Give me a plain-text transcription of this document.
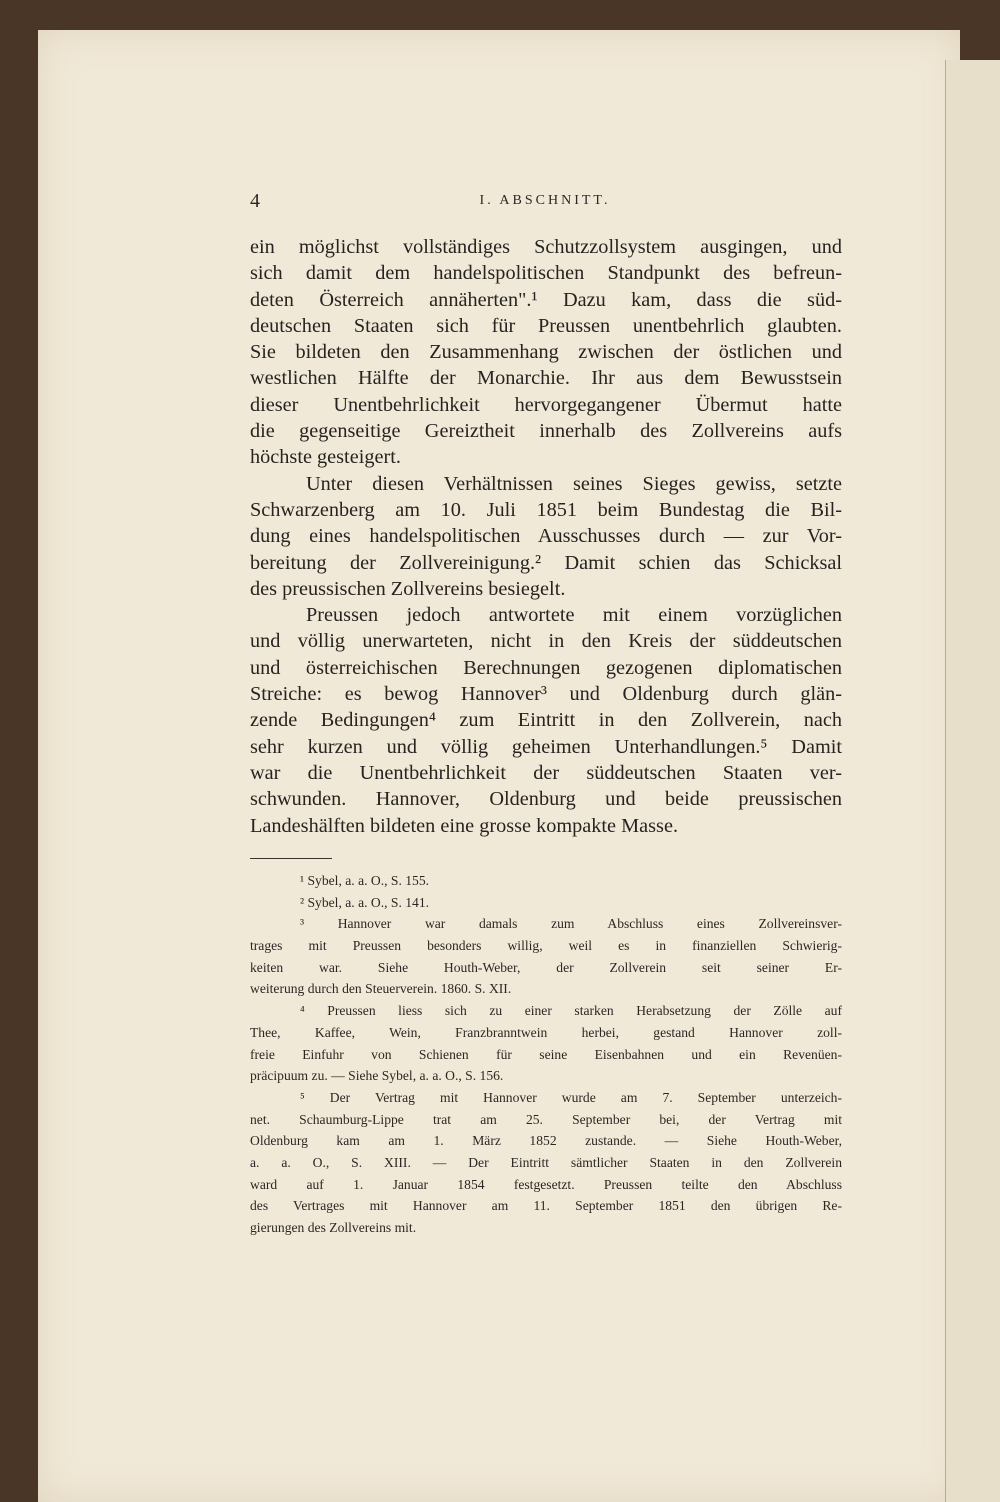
4	I. ABSCHNITT.
ein möglichst vollständiges Schutzzollsystem ausgingen, und
sich damit dem handelspolitischen Standpunkt des befreun-
deten Österreich annäherten".¹ Dazu kam, dass die süd-
deutschen Staaten sich für Preussen unentbehrlich glaubten.
Sie bildeten den Zusammenhang zwischen der östlichen und
westlichen Hälfte der Monarchie. Ihr aus dem Bewusstsein
dieser Unentbehrlichkeit hervorgegangener Übermut hatte
die gegenseitige Gereiztheit innerhalb des Zollvereins aufs
höchste gesteigert.
Unter diesen Verhältnissen seines Sieges gewiss, setzte
Schwarzenberg am 10. Juli 1851 beim Bundestag die Bil-
dung eines handelspolitischen Ausschusses durch — zur Vor-
bereitung der Zollvereinigung.² Damit schien das Schicksal
des preussischen Zollvereins besiegelt.
Preussen jedoch antwortete mit einem vorzüglichen
und völlig unerwarteten, nicht in den Kreis der süddeutschen
und österreichischen Berechnungen gezogenen diplomatischen
Streiche: es bewog Hannover³ und Oldenburg durch glän-
zende Bedingungen⁴ zum Eintritt in den Zollverein, nach
sehr kurzen und völlig geheimen Unterhandlungen.⁵ Damit
war die Unentbehrlichkeit der süddeutschen Staaten ver-
schwunden. Hannover, Oldenburg und beide preussischen
Landeshälften bildeten eine grosse kompakte Masse.
¹ Sybel, a. a. O., S. 155.
² Sybel, a. a. O., S. 141.
³ Hannover war damals zum Abschluss eines Zollvereinsver-
trages mit Preussen besonders willig, weil es in finanziellen Schwierig-
keiten war. Siehe Houth-Weber, der Zollverein seit seiner Er-
weiterung durch den Steuerverein. 1860. S. XII.
⁴ Preussen liess sich zu einer starken Herabsetzung der Zölle auf
Thee, Kaffee, Wein, Franzbranntwein herbei, gestand Hannover zoll-
freie Einfuhr von Schienen für seine Eisenbahnen und ein Revenüen-
präcipuum zu. — Siehe Sybel, a. a. O., S. 156.
⁵ Der Vertrag mit Hannover wurde am 7. September unterzeich-
net. Schaumburg-Lippe trat am 25. September bei, der Vertrag mit
Oldenburg kam am 1. März 1852 zustande. — Siehe Houth-Weber,
a. a. O., S. XIII. — Der Eintritt sämtlicher Staaten in den Zollverein
ward auf 1. Januar 1854 festgesetzt. Preussen teilte den Abschluss
des Vertrages mit Hannover am 11. September 1851 den übrigen Re-
gierungen des Zollvereins mit.
